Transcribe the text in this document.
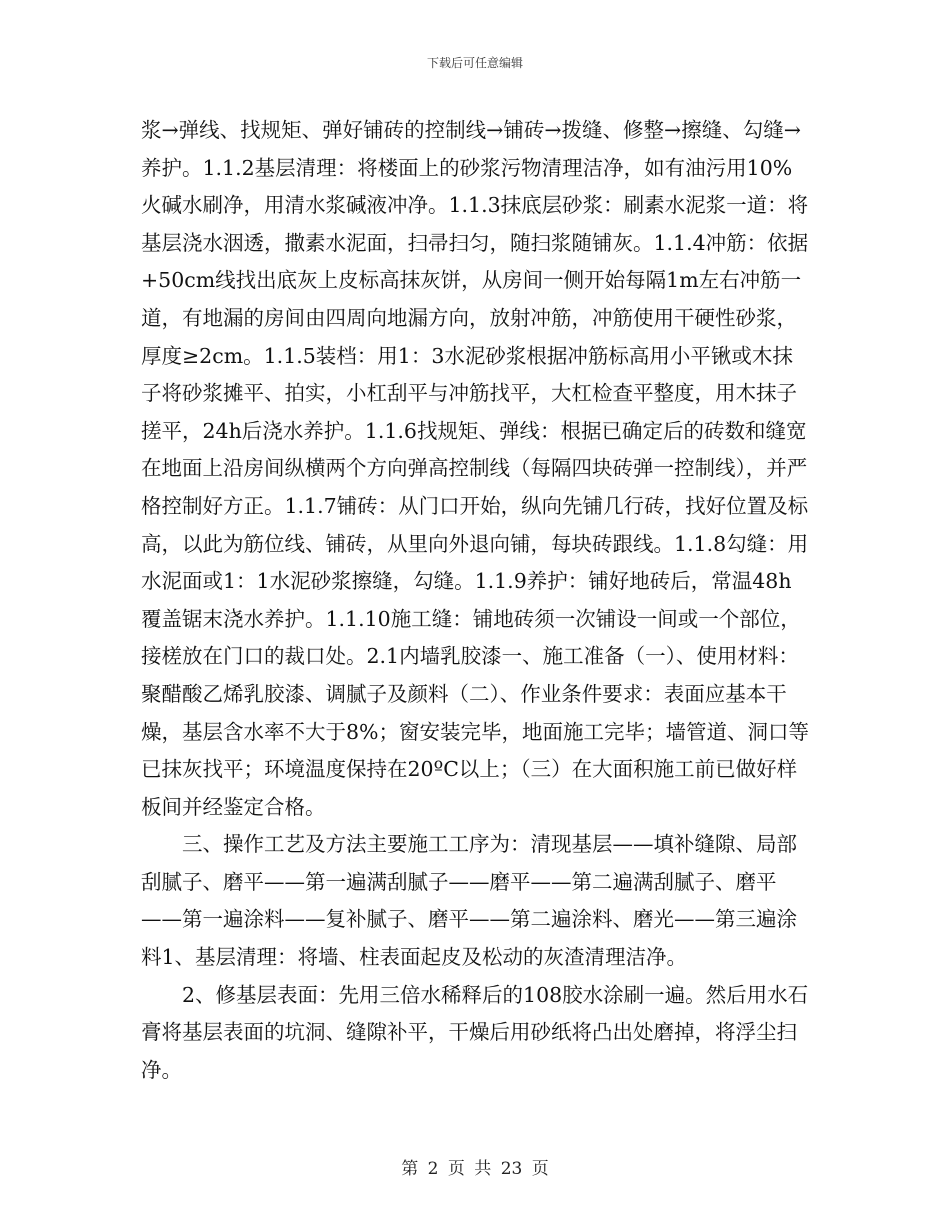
下载后可任意编辑

浆→弹线、找规矩、弹好铺砖的控制线→铺砖→拨缝、修整→擦缝、勾缝→养护。1.1.2基层清理：将楼面上的砂浆污物清理洁净，如有油污用10%火碱水刷净，用清水浆碱液冲净。1.1.3抹底层砂浆：刷素水泥浆一道：将基层浇水洇透，撒素水泥面，扫帚扫匀，随扫浆随铺灰。1.1.4冲筋：依据+50cm线找出底灰上皮标高抹灰饼，从房间一侧开始每隔1m左右冲筋一道，有地漏的房间由四周向地漏方向，放射冲筋，冲筋使用干硬性砂浆，厚度≥2cm。1.1.5装档：用1：3水泥砂浆根据冲筋标高用小平锹或木抹子将砂浆摊平、拍实，小杠刮平与冲筋找平，大杠检查平整度，用木抹子搓平，24h后浇水养护。1.1.6找规矩、弹线：根据已确定后的砖数和缝宽在地面上沿房间纵横两个方向弹高控制线（每隔四块砖弹一控制线），并严格控制好方正。1.1.7铺砖：从门口开始，纵向先铺几行砖，找好位置及标高，以此为筋位线、铺砖，从里向外退向铺，每块砖跟线。1.1.8勾缝：用水泥面或1：1水泥砂浆擦缝，勾缝。1.1.9养护：铺好地砖后，常温48h覆盖锯末浇水养护。1.1.10施工缝：铺地砖须一次铺设一间或一个部位，接槎放在门口的裁口处。2.1内墙乳胶漆一、施工准备（一）、使用材料：聚醋酸乙烯乳胶漆、调腻子及颜料（二）、作业条件要求：表面应基本干燥，基层含水率不大于8%；窗安装完毕，地面施工完毕；墙管道、洞口等已抹灰找平；环境温度保持在20ºC以上；（三）在大面积施工前已做好样板间并经鉴定合格。

三、操作工艺及方法主要施工工序为：清现基层——填补缝隙、局部刮腻子、磨平——第一遍满刮腻子——磨平——第二遍满刮腻子、磨平——第一遍涂料——复补腻子、磨平——第二遍涂料、磨光——第三遍涂料1、基层清理：将墙、柱表面起皮及松动的灰渣清理洁净。

2、修基层表面：先用三倍水稀释后的108胶水涂刷一遍。然后用水石膏将基层表面的坑洞、缝隙补平，干燥后用砂纸将凸出处磨掉，将浮尘扫净。

第 2 页 共 23 页
